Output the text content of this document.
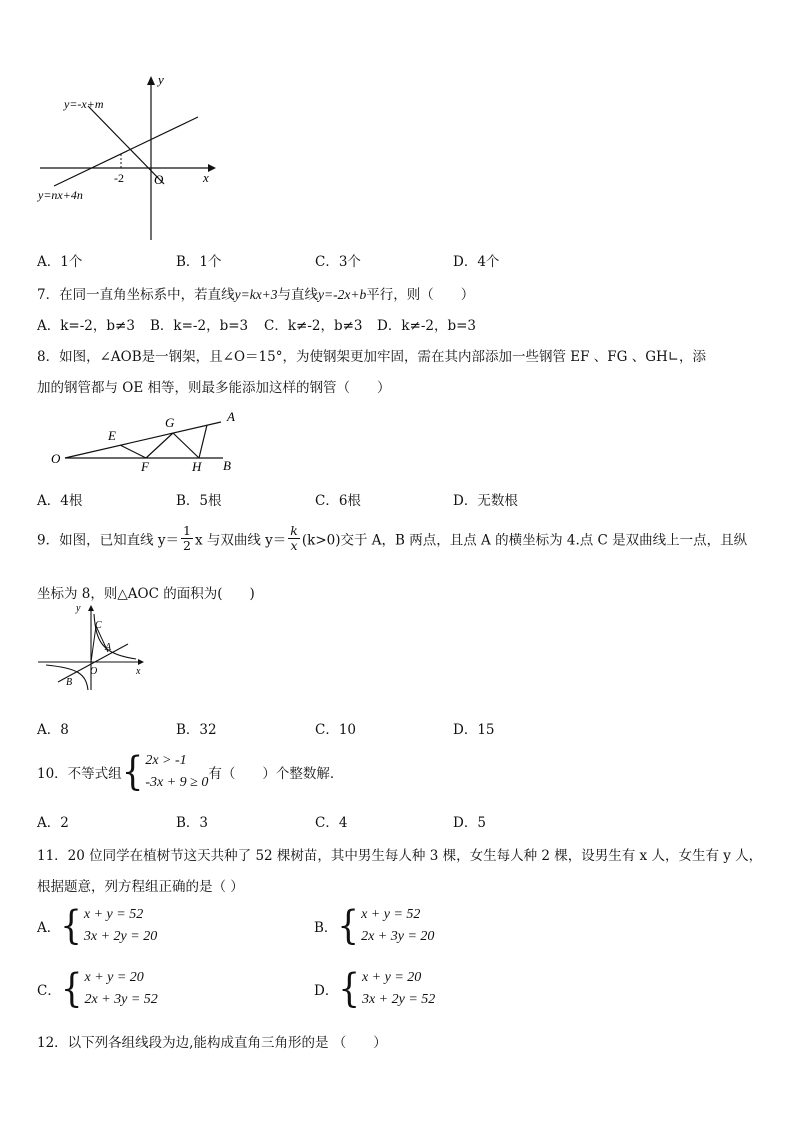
y
x
O
-2
y=-x+m
y=nx+4n
A．1个	B．1个	C．3个	D．4个
7．在同一直角坐标系中，若直线y=kx+3与直线y=-2x+b平行，则（　　）
A．k=-2，b≠3 B．k=-2，b=3 C．k≠-2，b≠3 D．k≠-2，b=3
8．如图，∠AOB是一钢架，且∠O＝15°，为使钢架更加牢固，需在其内部添加一些钢管 EF 、FG 、GH∟，添
加的钢管都与 OE 相等，则最多能添加这样的钢管（　　）
O
E
F
G
H
A
B
A．4根	B．5根	C．6根	D．无数根
9．如图，已知直线 $y= \frac{1}{2}$ x 与双曲线 $y= \frac{k}{x} (k>0)$交于 A，B 两点，且点 A 的横坐标为 4.点 C 是双曲线上一点，且纵
坐标为 8，则△AOC 的面积为(　　)
y
x
O
C
A
B
A．8	B．32	C．10	D．15
10．不等式组{ 2x > -1
-3x + 9 ≥ 0
有（　　）个整数解．
A．2	B．3	C．4	D．5
11．20 位同学在植树节这天共种了 52 棵树苗，其中男生每人种 3 棵，女生每人种 2 棵，设男生有 x 人，女生有 y 人，
根据题意，列方程组正确的是（ ）
A．{ x + y = 52
3x + 2y = 20
B．{ x + y = 52
2x + 3y = 20
C．{ x + y = 20
2x + 3y = 52
D．{ x + y = 20
3x + 2y = 52
12．以下列各组线段为边,能构成直角三角形的是 （　　）
